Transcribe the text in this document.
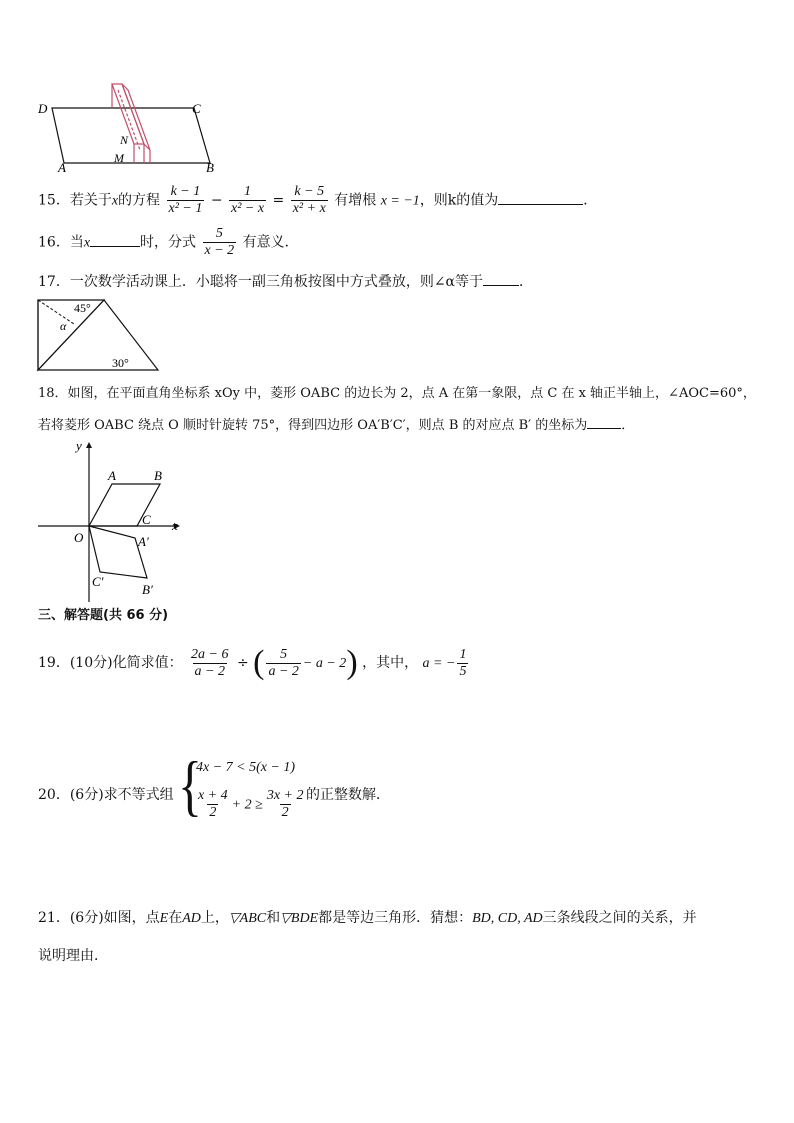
D	C
A	B
N
M
15．若关于x的方程 $\frac{k - 1}{\text{x² − 1}} - \frac{1}{\text{x² − x}} = \frac{k - 5}{\text{x² + x}}$ 有增根 x = −1，则k的值为	．
16．当x	时，分式 $\frac{5}{x - 2}$ 有意义．
17．一次数学活动课上．小聪将一副三角板按图中方式叠放，则∠α等于	．
45°
α
30°
18．如图，在平面直角坐标系 xOy 中，菱形 OABC 的边长为 2，点 A 在第一象限，点 C 在 x 轴正半轴上，∠AOC=60°，
若将菱形 OABC 绕点 O 顺时针旋转 75°，得到四边形 OA′B′C′，则点 B 的对应点 B′ 的坐标为	．
y
x
O
A	B
C
A′
B′
C′
三、解答题(共 66 分)
19．(10分)化简求值： $\frac{2a - 6}{a - 2}$ ÷ ( $\frac{5}{a - 2} - a - 2$) ，其中， a = − $\frac{1}{5}$
20．(6分)求不等式组 {
4x − 7 < 5(x − 1)
$\frac{x + 4}{2} + 2 \ge \frac{3x + 2}{2}$ 的正整数解．
21．(6分)如图，点E在AD上，▽ABC和▽BDE都是等边三角形．猜想：BD, CD, AD三条线段之间的关系，并
说明理由．
